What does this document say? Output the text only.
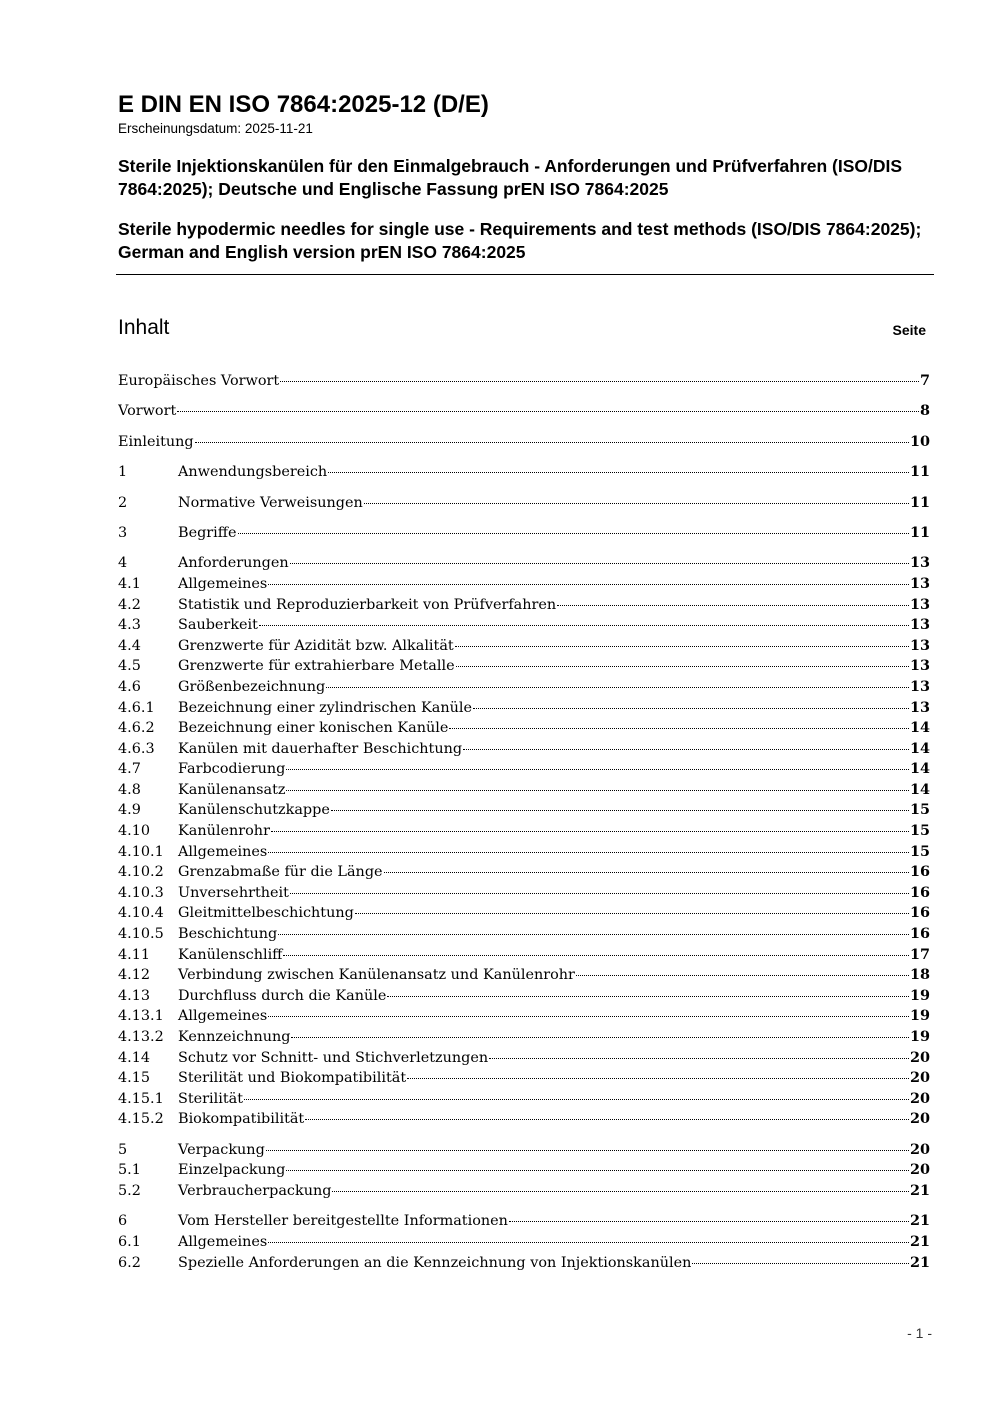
E DIN EN ISO 7864:2025-12 (D/E)

Erscheinungsdatum: 2025-11-21

Sterile Injektionskanülen für den Einmalgebrauch - Anforderungen und Prüfverfahren (ISO/DIS 7864:2025); Deutsche und Englische Fassung prEN ISO 7864:2025

Sterile hypodermic needles for single use - Requirements and test methods (ISO/DIS 7864:2025); German and English version prEN ISO 7864:2025

Inhalt	Seite
Europäisches Vorwort	7
Vorwort	8
Einleitung	10
1	Anwendungsbereich	11
2	Normative Verweisungen	11
3	Begriffe	11
4	Anforderungen	13
4.1	Allgemeines	13
4.2	Statistik und Reproduzierbarkeit von Prüfverfahren	13
4.3	Sauberkeit	13
4.4	Grenzwerte für Azidität bzw. Alkalität	13
4.5	Grenzwerte für extrahierbare Metalle	13
4.6	Größenbezeichnung	13
4.6.1	Bezeichnung einer zylindrischen Kanüle	13
4.6.2	Bezeichnung einer konischen Kanüle	14
4.6.3	Kanülen mit dauerhafter Beschichtung	14
4.7	Farbcodierung	14
4.8	Kanülenansatz	14
4.9	Kanülenschutzkappe	15
4.10	Kanülenrohr	15
4.10.1 Allgemeines	15
4.10.2 Grenzabmaße für die Länge	16
4.10.3 Unversehrtheit	16
4.10.4 Gleitmittelbeschichtung	16
4.10.5 Beschichtung	16
4.11	Kanülenschliff	17
4.12	Verbindung zwischen Kanülenansatz und Kanülenrohr	18
4.13	Durchfluss durch die Kanüle	19
4.13.1 Allgemeines	19
4.13.2 Kennzeichnung	19
4.14	Schutz vor Schnitt- und Stichverletzungen	20
4.15	Sterilität und Biokompatibilität	20
4.15.1 Sterilität	20
4.15.2 Biokompatibilität	20
5	Verpackung	20
5.1	Einzelpackung	20
5.2	Verbraucherpackung	21
6	Vom Hersteller bereitgestellte Informationen	21
6.1	Allgemeines	21
6.2	Spezielle Anforderungen an die Kennzeichnung von Injektionskanülen	21
- 1 -
